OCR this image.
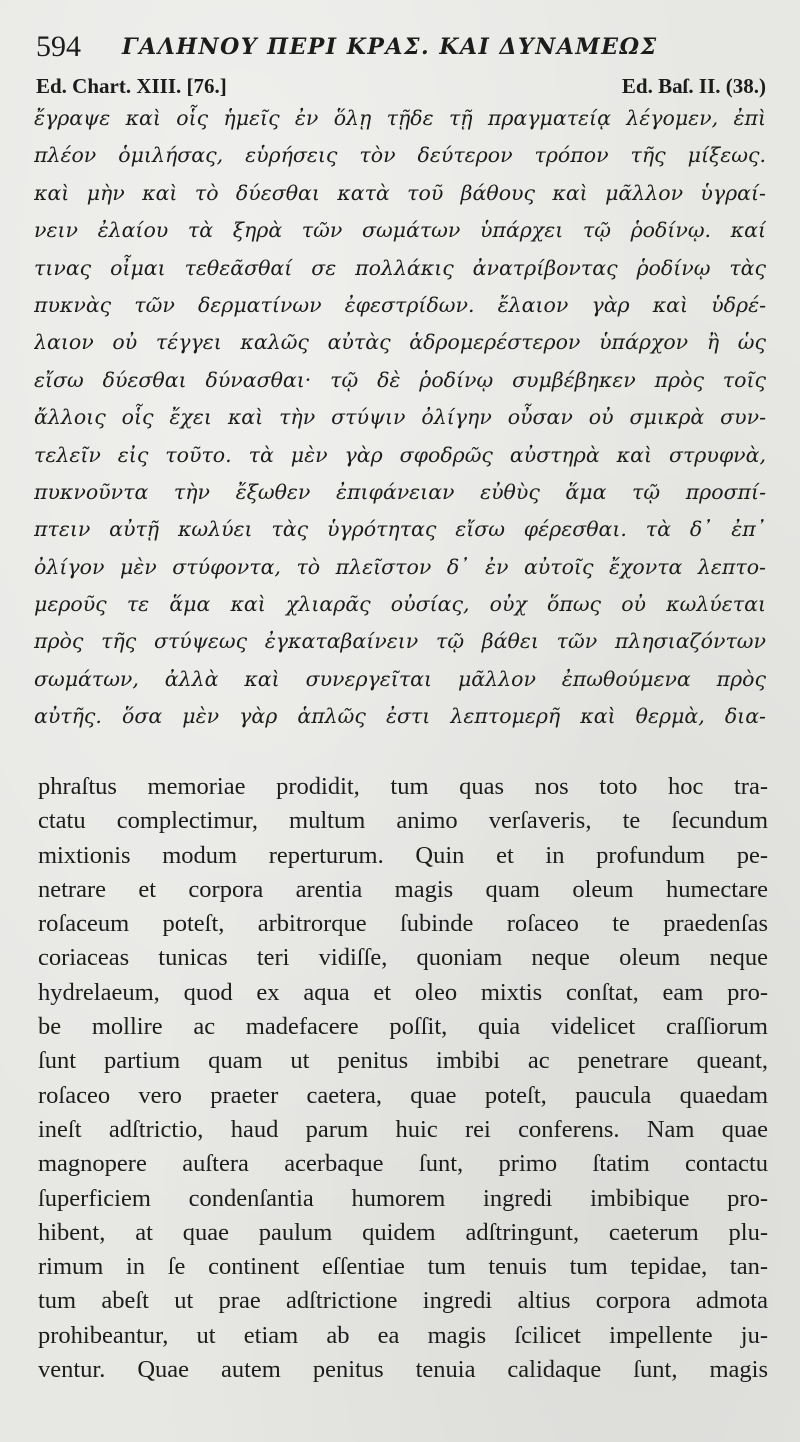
594 ΓΑΛΗΝΟΥ ΠΕΡΙ ΚΡΑΣ. ΚΑΙ ΔΥΝΑΜΕΩΣ
Ed. Chart. XIII. [76.]	Ed. Baſ. II. (38.)
ἔγραψε καὶ οἷς ἡμεῖς ἐν ὅλῃ τῇδε τῇ πραγματείᾳ λέγομεν, ἐπὶ
πλέον ὁμιλήσας, εὑρήσεις τὸν δεύτερον τρόπον τῆς μίξεως.
καὶ μὴν καὶ τὸ δύεσθαι κατὰ τοῦ βάθους καὶ μᾶλλον ὑγραί-
νειν ἐλαίου τὰ ξηρὰ τῶν σωμάτων ὑπάρχει τῷ ῥοδίνῳ. καί
τινας οἶμαι τεθεᾶσθαί σε πολλάκις ἀνατρίβοντας ῥοδίνῳ τὰς
πυκνὰς τῶν δερματίνων ἐφεστρίδων. ἔλαιον γὰρ καὶ ὑδρέ-
λαιον οὐ τέγγει καλῶς αὐτὰς ἁδρομερέστερον ὑπάρχον ἢ ὡς
εἴσω δύεσθαι δύνασθαι· τῷ δὲ ῥοδίνῳ συμβέβηκεν πρὸς τοῖς
ἄλλοις οἷς ἔχει καὶ τὴν στύψιν ὀλίγην οὖσαν οὐ σμικρὰ συν-
τελεῖν εἰς τοῦτο. τὰ μὲν γὰρ σφοδρῶς αὐστηρὰ καὶ στρυφνὰ,
πυκνοῦντα τὴν ἔξωθεν ἐπιφάνειαν εὐθὺς ἅμα τῷ προσπί-
πτειν αὐτῇ κωλύει τὰς ὑγρότητας εἴσω φέρεσθαι. τὰ δ᾽ ἐπ᾽
ὀλίγον μὲν στύφοντα, τὸ πλεῖστον δ᾽ ἐν αὐτοῖς ἔχοντα λεπτο-
μεροῦς τε ἅμα καὶ χλιαρᾶς οὐσίας, οὐχ ὅπως οὐ κωλύεται
πρὸς τῆς στύψεως ἐγκαταβαίνειν τῷ βάθει τῶν πλησιαζόντων
σωμάτων, ἀλλὰ καὶ συνεργεῖται μᾶλλον ἐπωθούμενα πρὸς
αὐτῆς. ὅσα μὲν γὰρ ἁπλῶς ἐστι λεπτομερῆ καὶ θερμὰ, δια-
phraſtus memoriae prodidit, tum quas nos toto hoc tra-
ctatu complectimur, multum animo verſaveris, te ſecundum
mixtionis modum reperturum. Quin et in profundum pe-
netrare et corpora arentia magis quam oleum humectare
roſaceum poteſt, arbitrorque ſubinde roſaceo te praedenſas
coriaceas tunicas teri vidiſſe, quoniam neque oleum neque
hydrelaeum, quod ex aqua et oleo mixtis conſtat, eam pro-
be mollire ac madefacere poſſit, quia videlicet craſſiorum
ſunt partium quam ut penitus imbibi ac penetrare queant,
roſaceo vero praeter caetera, quae poteſt, paucula quaedam
ineſt adſtrictio, haud parum huic rei conferens. Nam quae
magnopere auſtera acerbaque ſunt, primo ſtatim contactu
ſuperficiem condenſantia humorem ingredi imbibique pro-
hibent, at quae paulum quidem adſtringunt, caeterum plu-
rimum in ſe continent eſſentiae tum tenuis tum tepidae, tan-
tum abeſt ut prae adſtrictione ingredi altius corpora admota
prohibeantur, ut etiam ab ea magis ſcilicet impellente ju-
ventur. Quae autem penitus tenuia calidaque ſunt, magis
